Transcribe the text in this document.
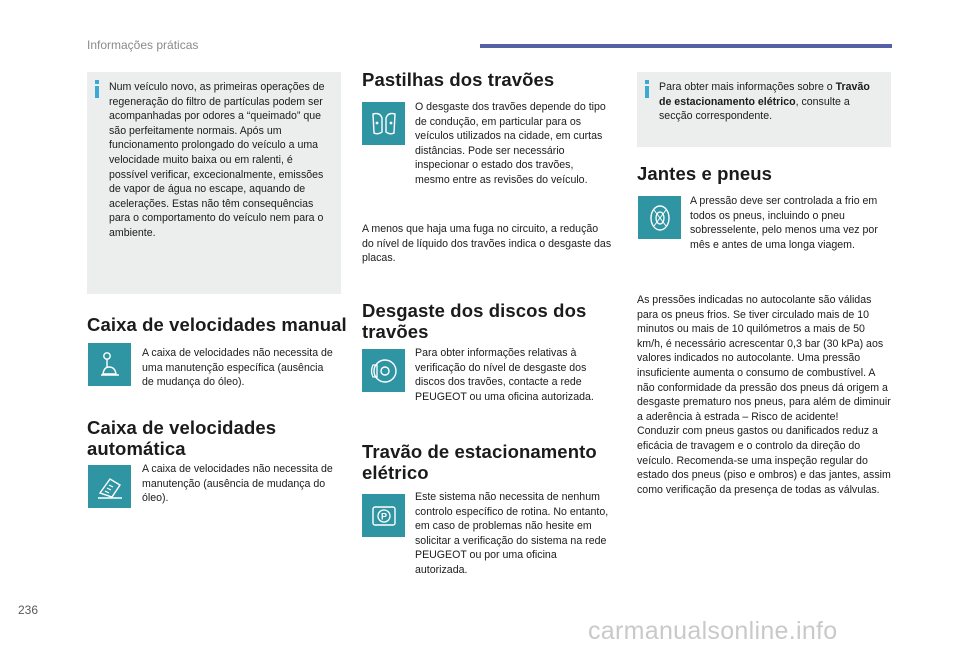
Informações práticas
Num veículo novo, as primeiras operações de regeneração do filtro de partículas podem ser acompanhadas por odores a “queimado” que são perfeitamente normais. Após um funcionamento prolongado do veículo a uma velocidade muito baixa ou em ralenti, é possível verificar, excecionalmente, emissões de vapor de água no escape, aquando de acelerações. Estas não têm consequências para o comportamento do veículo nem para o ambiente.
Caixa de velocidades manual
A caixa de velocidades não necessita de uma manutenção específica (ausência de mudança do óleo).
Caixa de velocidades
automática
A caixa de velocidades não necessita de manutenção (ausência de mudança do óleo).
Pastilhas dos travões
O desgaste dos travões depende do tipo de condução, em particular para os veículos utilizados na cidade, em curtas distâncias. Pode ser necessário inspecionar o estado dos travões, mesmo entre as revisões do veículo.
A menos que haja uma fuga no circuito, a redução do nível de líquido dos travões indica o desgaste das placas.
Desgaste dos discos dos
travões
Para obter informações relativas à verificação do nível de desgaste dos discos dos travões, contacte a rede PEUGEOT ou uma oficina autorizada.
Travão de estacionamento
elétrico
P
Este sistema não necessita de nenhum controlo específico de rotina. No entanto, em caso de problemas não hesite em solicitar a verificação do sistema na rede PEUGEOT ou por uma oficina autorizada.
Para obter mais informações sobre o Travão de estacionamento elétrico, consulte a secção correspondente.
Jantes e pneus
A pressão deve ser controlada a frio em todos os pneus, incluindo o pneu sobresselente, pelo menos uma vez por mês e antes de uma longa viagem.
As pressões indicadas no autocolante são válidas para os pneus frios. Se tiver circulado mais de 10 minutos ou mais de 10 quilómetros a mais de 50 km/h, é necessário acrescentar 0,3 bar (30 kPa) aos valores indicados no autocolante. Uma pressão insuficiente aumenta o consumo de combustível. A não conformidade da pressão dos pneus dá origem a desgaste prematuro nos pneus, para além de diminuir a aderência à estrada – Risco de acidente!
Conduzir com pneus gastos ou danificados reduz a eficácia de travagem e o controlo da direção do veículo. Recomenda-se uma inspeção regular do estado dos pneus (piso e ombros) e das jantes, assim como verificação da presença de todas as válvulas.
236
carmanualsonline.info
